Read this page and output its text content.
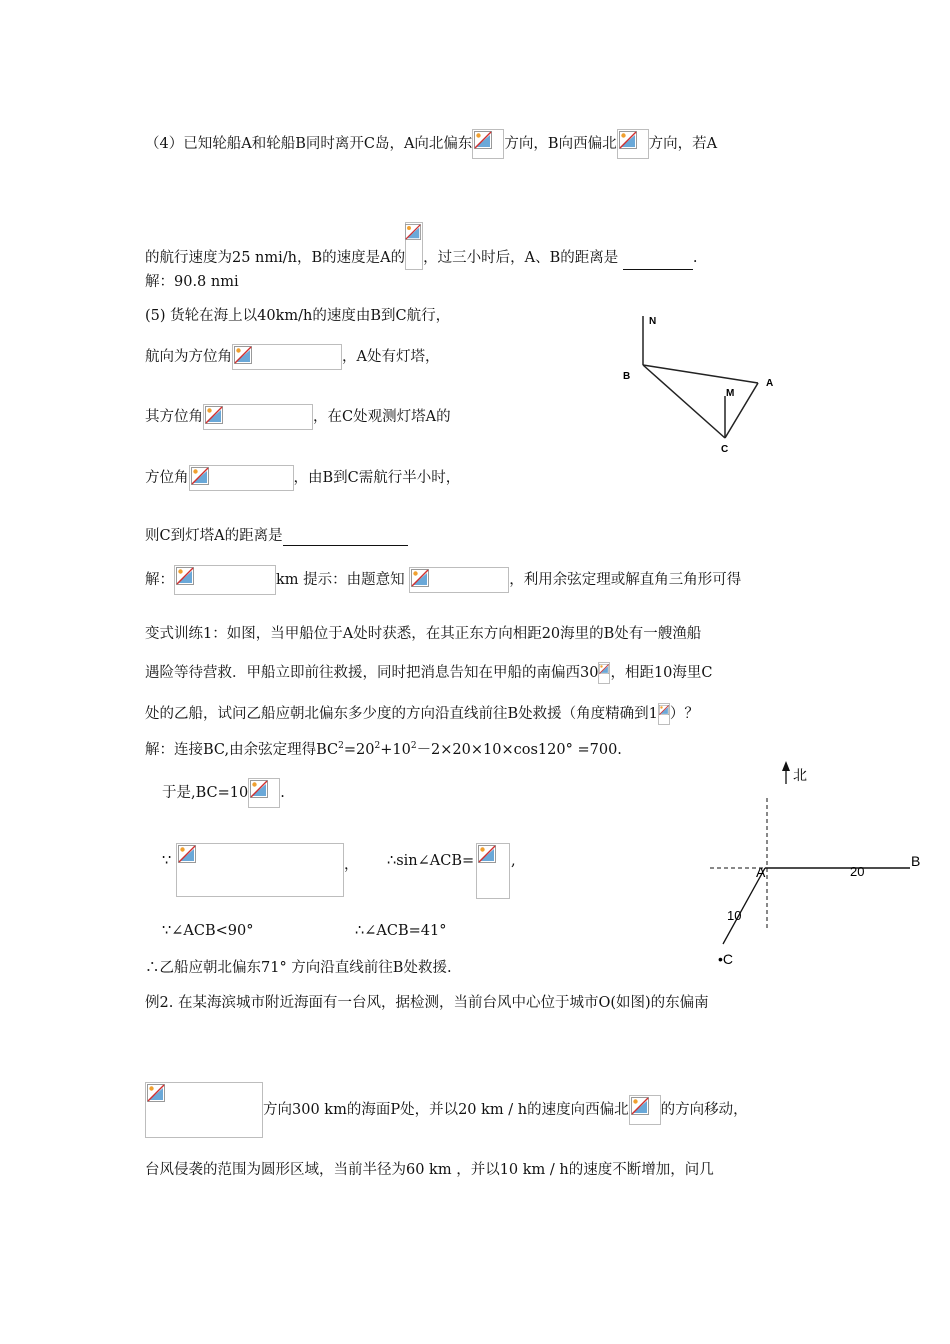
（4）已知轮船A和轮船B同时离开C岛，A向北偏东 方向，B向西偏北 方向，若A
的航行速度为25 nmi/h，B的速度是A的 ，过三小时后，A、B的距离是	.
解：90.8 nmi
(5) 货轮在海上以40km/h的速度由B到C航行，
航向为方位角	，A处有灯塔，
其方位角	，在C处观测灯塔A的
方位角	，由B到C需航行半小时，
则C到灯塔A的距离是
解：	km 提示：由题意知	，利用余弦定理或解直角三角形可得
N
B
A
M
C
变式训练1：如图，当甲船位于A处时获悉，在其正东方向相距20海里的B处有一艘渔船
遇险等待营救．甲船立即前往救援，同时把消息告知在甲船的南偏西30 ，相距10海里C
处的乙船，试问乙船应朝北偏东多少度的方向沿直线前往B处救援（角度精确到1 ）？
解：连接BC,由余弦定理得$BC^2=20^2+10^2-2\times 20\times 10\times\cos 120^\circ =700$.
于是,BC=10 .
∵	， ∴sin∠ACB=	,
∵∠ACB<90°	∴∠ACB=41°
∴乙船应朝北偏东71° 方向沿直线前往B处救援.
北
A
B
20
10
•C
例2. 在某海滨城市附近海面有一台风，据检测，当前台风中心位于城市O(如图)的东偏南
方向300 km的海面P处，并以20 km / h的速度向西偏北 的方向移动，
台风侵袭的范围为圆形区域，当前半径为60 km ，并以10 km / h的速度不断增加，问几
